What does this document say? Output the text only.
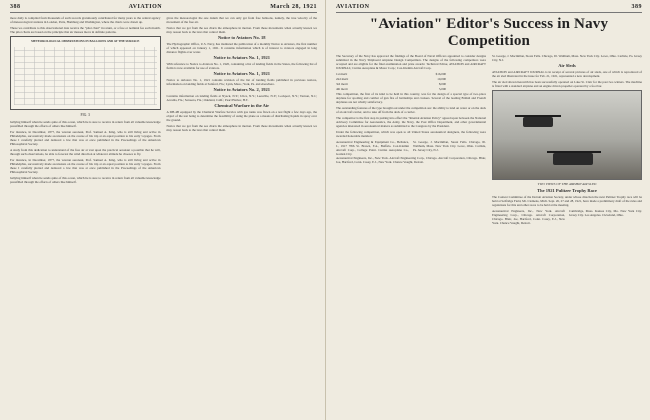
388	AVIATION	March 28, 1921

more daily is compiled from thousands of such records gratuitously contributed for many years to the central agency of meteorological stations in London, Paris, Hamburg and Washington, where the charts were drawn up.

These wo contribute to this observational data receive the "pilot chart" in return, or a free or nominal fee each month. The pilot charts are based on the principle that air masses move in definite patterns.

METEOROLOGICAL OBSERVATIONS IN BALLOONS AND AT THE SURFACE
FIG. 3

ballying himself when he sends quite of this ocean, which he is sure to receive in return from all valuable knowledge pressfilled through the efforts of others like himself.

For instance, in December, 1877, the veteran aeronaut, Prof. Samuel A. King, who is still living and active in Philadelphia, successively made ascensions on the course of his trip at an equal position to his early voyages. From these I carefully plotted and deduced a law that was at once published in the Proceedings of the American Philosophical Society.

A study from this dedication to understand of the free air at vast upon the practical aeronaut a possible that he will, through such observations, be able to forecast the wind direction at whatever altitude he chooses to fly.

For instance, in December, 1877, the veteran aeronaut, Prof. Samuel A. King, who is still living and active in Philadelphia, successively made ascensions on the course of his trip at an equal position to his early voyages. From these I carefully plotted and deduced a law that was at once published in the Proceedings of the American Philosophical Society.

ballying himself when he sends quite of this ocean, which he is sure to receive in return from all valuable knowledge pressfilled through the efforts of others like himself.

gives the meteorologist the one datum that we can only get from free balloons, namely, the true velocity of the movement of the free air.

Notice that we get from the sea charts the atmosphere in motion. From these movements when actually known we may reason back to the laws that control them.

Notice to Aviators No. 18

The Hydrographic Office, U.S. Navy, has instituted the publication of a monthly Notice to Aviators, the first number of which appeared on January 1, 1921. It contains information which is of interest to aviators engaged in long distance flights over water.

Notice to Aviators No. 1, 1921

With reference to Notice to Aviators No. 1, 1920, containing a list of landing fields in the States, the following list of fields is now available for use of aviators.

Notice to Aviators No. 1, 1921

Notice to Aviators No. 1, 1921 contains revision of the list of landing fields published in previous notices, information on landing fields at Sanford, Fla.; Lynn, Mass.; York, Pa. and elsewhere.

Notice to Aviators No. 2, 1921

Contains information on landing fields at Nyack, N.Y.; Utica, N.Y.; Leesville, N.Y.; Lockport, N.Y.; Vernon, N.J.; Arcadia, Fla.; Sarasota, Fla.; Oakland, Calif.; Pearl Harbor, H.T.

Chemical Warfare in the Air

A DH-4B equipped by the Chemical Warfare Service with gas tanks was flown on a test flight a few days ago, the object of the test being to determine the feasibility of using the plane as a means of distributing liquids in spray over the ground.

Notice that we get from the sea charts the atmosphere in motion. From these movements when actually known we may reason back to the laws that control them.

AVIATION	389
"Aviation" Editor's Success in Navy Competition

The Secretary of the Navy has approved the findings of the Board of Naval Officers appointed to consider designs submitted in the Navy Shipboard Airplane Design Competition. The designs of the following competitors were accepted and are eligible for the final examination and prize awards: Technical Editor, AVIATION and AIRCRAFT JOURNAL; Curtiss Aeroplane & Motor Corp.; Cox-Klemin Aircraft Corp.

1st merit	$16,000
2nd merit	10,000
3rd merit	8,000
4th merit	5,000

This competition, the first of its kind to be held in this country, was for the design of a special type of two-place airplane for spotting and combat of gun fire of battleships and cruisers. Several of the leading British and French airplanes are not wholly satisfactory.

The outstanding features of the type brought out under the competition are: the ability to land on water or on the deck of an aircraft carrier, and to take off from the deck of a carrier.

The competitor is the first step in putting into effect the "Internal Aviation Policy" agreed upon between the National Advisory Committee for Aeronautics, the Army, the Navy, the Post Office Department, and other governmental agencies interested in aeronautical matters as submitted to the Congress by the President.

Under the following competition, which was open to all United States aeronautical designers, the following were awarded honorable mention:

Aeronautical Engineering & Equipment Co., Bellanca, J., 1917 78th St. Brown, F.A., Buffalo. Cox-Klemin Aircraft Corp., College Point. Curtiss Aeroplane Co., Garden City.
St. George, J. Macmillan, Sioux Falls. Chicago, Ill. Waltham, Mass. New York City. Lowe, Ohio. Carlisle, Pa. Jersey City, N.J.

Aeronautical Engineers, Inc., New York. Aircraft Engineering Corp., Chicago. Aircraft Corporation, Chicago. Blair, Joe, Hartford, Conn. Casey, E.J., New York. Chance Vought, Detroit.

St. George, J. Macmillan, Sioux Falls. Chicago, Ill. Waltham, Mass. New York City. Lowe, Ohio. Carlisle, Pa. Jersey City, N.J.

Air Sleds

AVIATION and AIRCRAFT JOURNAL is in receipt of several pictures of air sleds, one of which is reproduced of the air sled illustrated in the issue for Feb. 21, 1921, represented a new development.

The air sled shown herewith has been successfully operated on Lake St. Clair for the past two winters. The machine is fitted with a standard airplane and an engine driven propeller operated by a foot bar.

TWO VIEWS OF THE AIRSHIP AIR SLED
The 1921 Pulitzer Trophy Race

The Contest Committee of the Detroit Aviation Society, under whose direction the next Pulitzer Trophy race will be held at Selfridge Field, Mt. Clemens, Mich. Sept. 26, 27 and 28, 1921, have made a preliminary draft of the rules and regulations for this and other races to be held at the meeting.

Aeronautical Engineers, Inc., New York. Aircraft Engineering Corp., Chicago. Aircraft Corporation, Chicago. Blair, Joe, Hartford, Conn. Casey, E.J., New York. Chance Vought, Detroit.
Cambridge, Mass. Kansas City, Mo. New York City. Jersey City. Los Angeles. Cleveland, Ohio.
